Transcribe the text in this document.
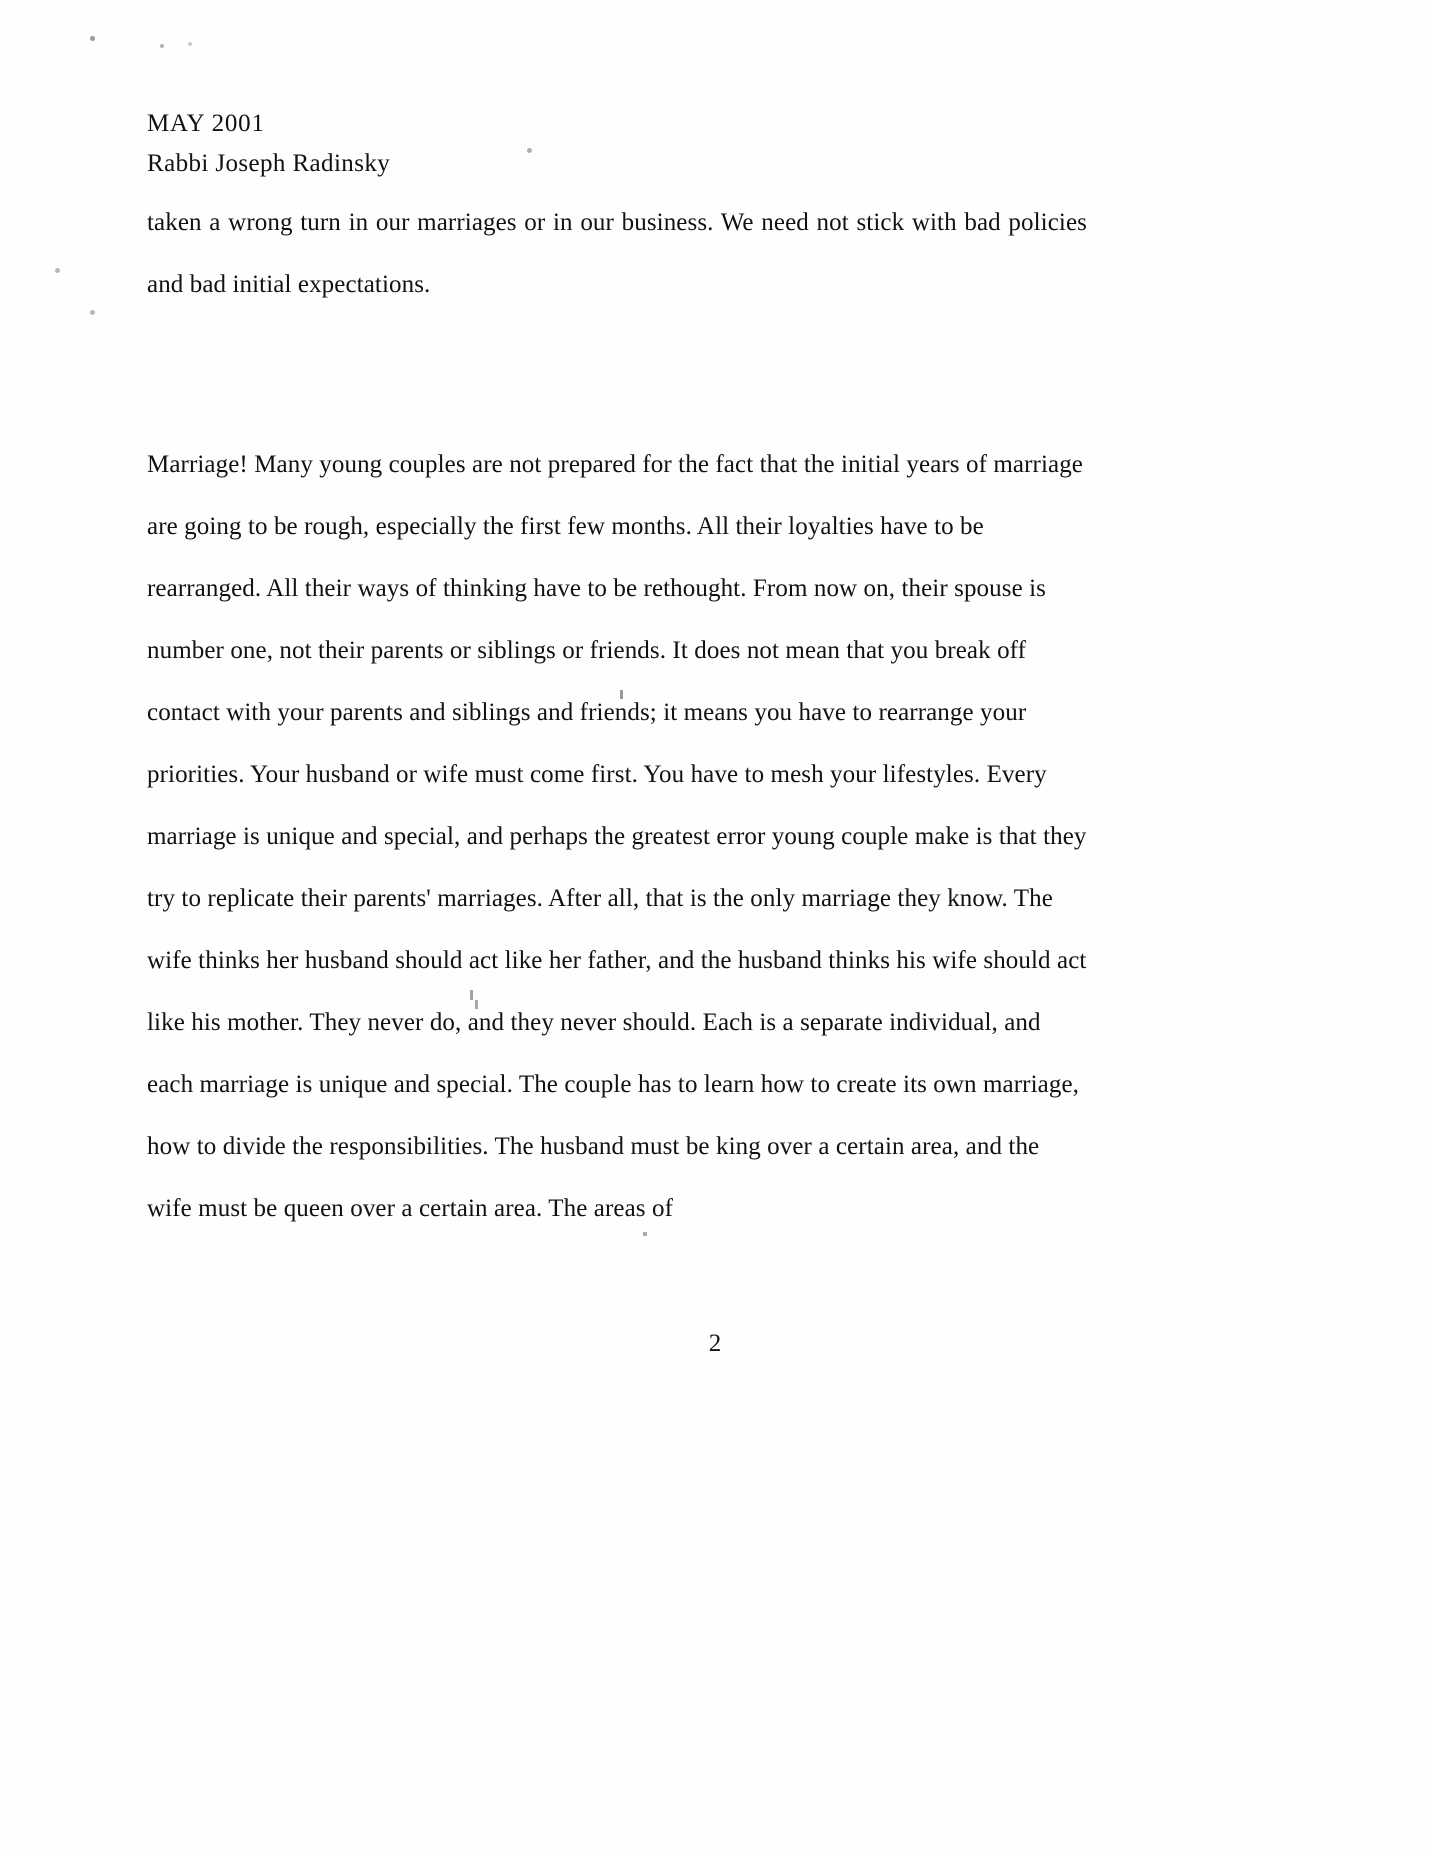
MAY 2001
Rabbi Joseph Radinsky

taken a wrong turn in our marriages or in our business. We need not stick with bad policies and bad initial expectations.

Marriage! Many young couples are not prepared for the fact that the initial years of marriage are going to be rough, especially the first few months. All their loyalties have to be rearranged. All their ways of thinking have to be rethought. From now on, their spouse is number one, not their parents or siblings or friends. It does not mean that you break off contact with your parents and siblings and friends; it means you have to rearrange your priorities. Your husband or wife must come first. You have to mesh your lifestyles. Every marriage is unique and special, and perhaps the greatest error young couple make is that they try to replicate their parents' marriages. After all, that is the only marriage they know. The wife thinks her husband should act like her father, and the husband thinks his wife should act like his mother. They never do, and they never should. Each is a separate individual, and each marriage is unique and special. The couple has to learn how to create its own marriage, how to divide the responsibilities. The husband must be king over a certain area, and the wife must be queen over a certain area. The areas of

2
